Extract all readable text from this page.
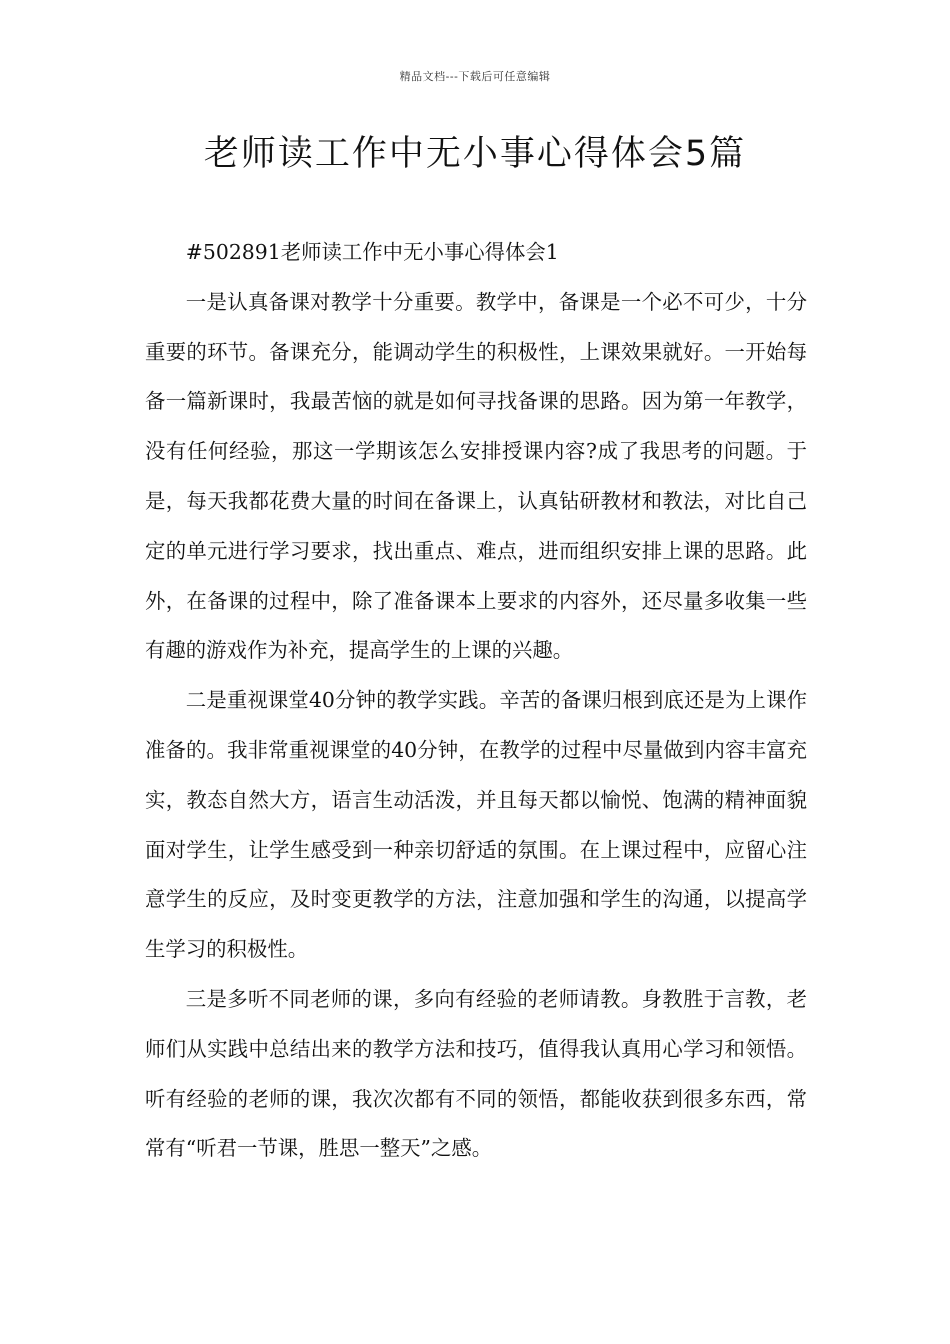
精品文档---下载后可任意编辑
老师读工作中无小事心得体会5篇

#502891老师读工作中无小事心得体会1

一是认真备课对教学十分重要。教学中，备课是一个必不可少，十分重要的环节。备课充分，能调动学生的积极性，上课效果就好。一开始每备一篇新课时，我最苦恼的就是如何寻找备课的思路。因为第一年教学，没有任何经验，那这一学期该怎么安排授课内容?成了我思考的问题。于是，每天我都花费大量的时间在备课上，认真钻研教材和教法，对比自己定的单元进行学习要求，找出重点、难点，进而组织安排上课的思路。此外，在备课的过程中，除了准备课本上要求的内容外，还尽量多收集一些有趣的游戏作为补充，提高学生的上课的兴趣。

二是重视课堂40分钟的教学实践。辛苦的备课归根到底还是为上课作准备的。我非常重视课堂的40分钟，在教学的过程中尽量做到内容丰富充实，教态自然大方，语言生动活泼，并且每天都以愉悦、饱满的精神面貌面对学生，让学生感受到一种亲切舒适的氛围。在上课过程中，应留心注意学生的反应，及时变更教学的方法，注意加强和学生的沟通，以提高学生学习的积极性。

三是多听不同老师的课，多向有经验的老师请教。身教胜于言教，老师们从实践中总结出来的教学方法和技巧，值得我认真用心学习和领悟。听有经验的老师的课，我次次都有不同的领悟，都能收获到很多东西，常常有“听君一节课，胜思一整天”之感。
